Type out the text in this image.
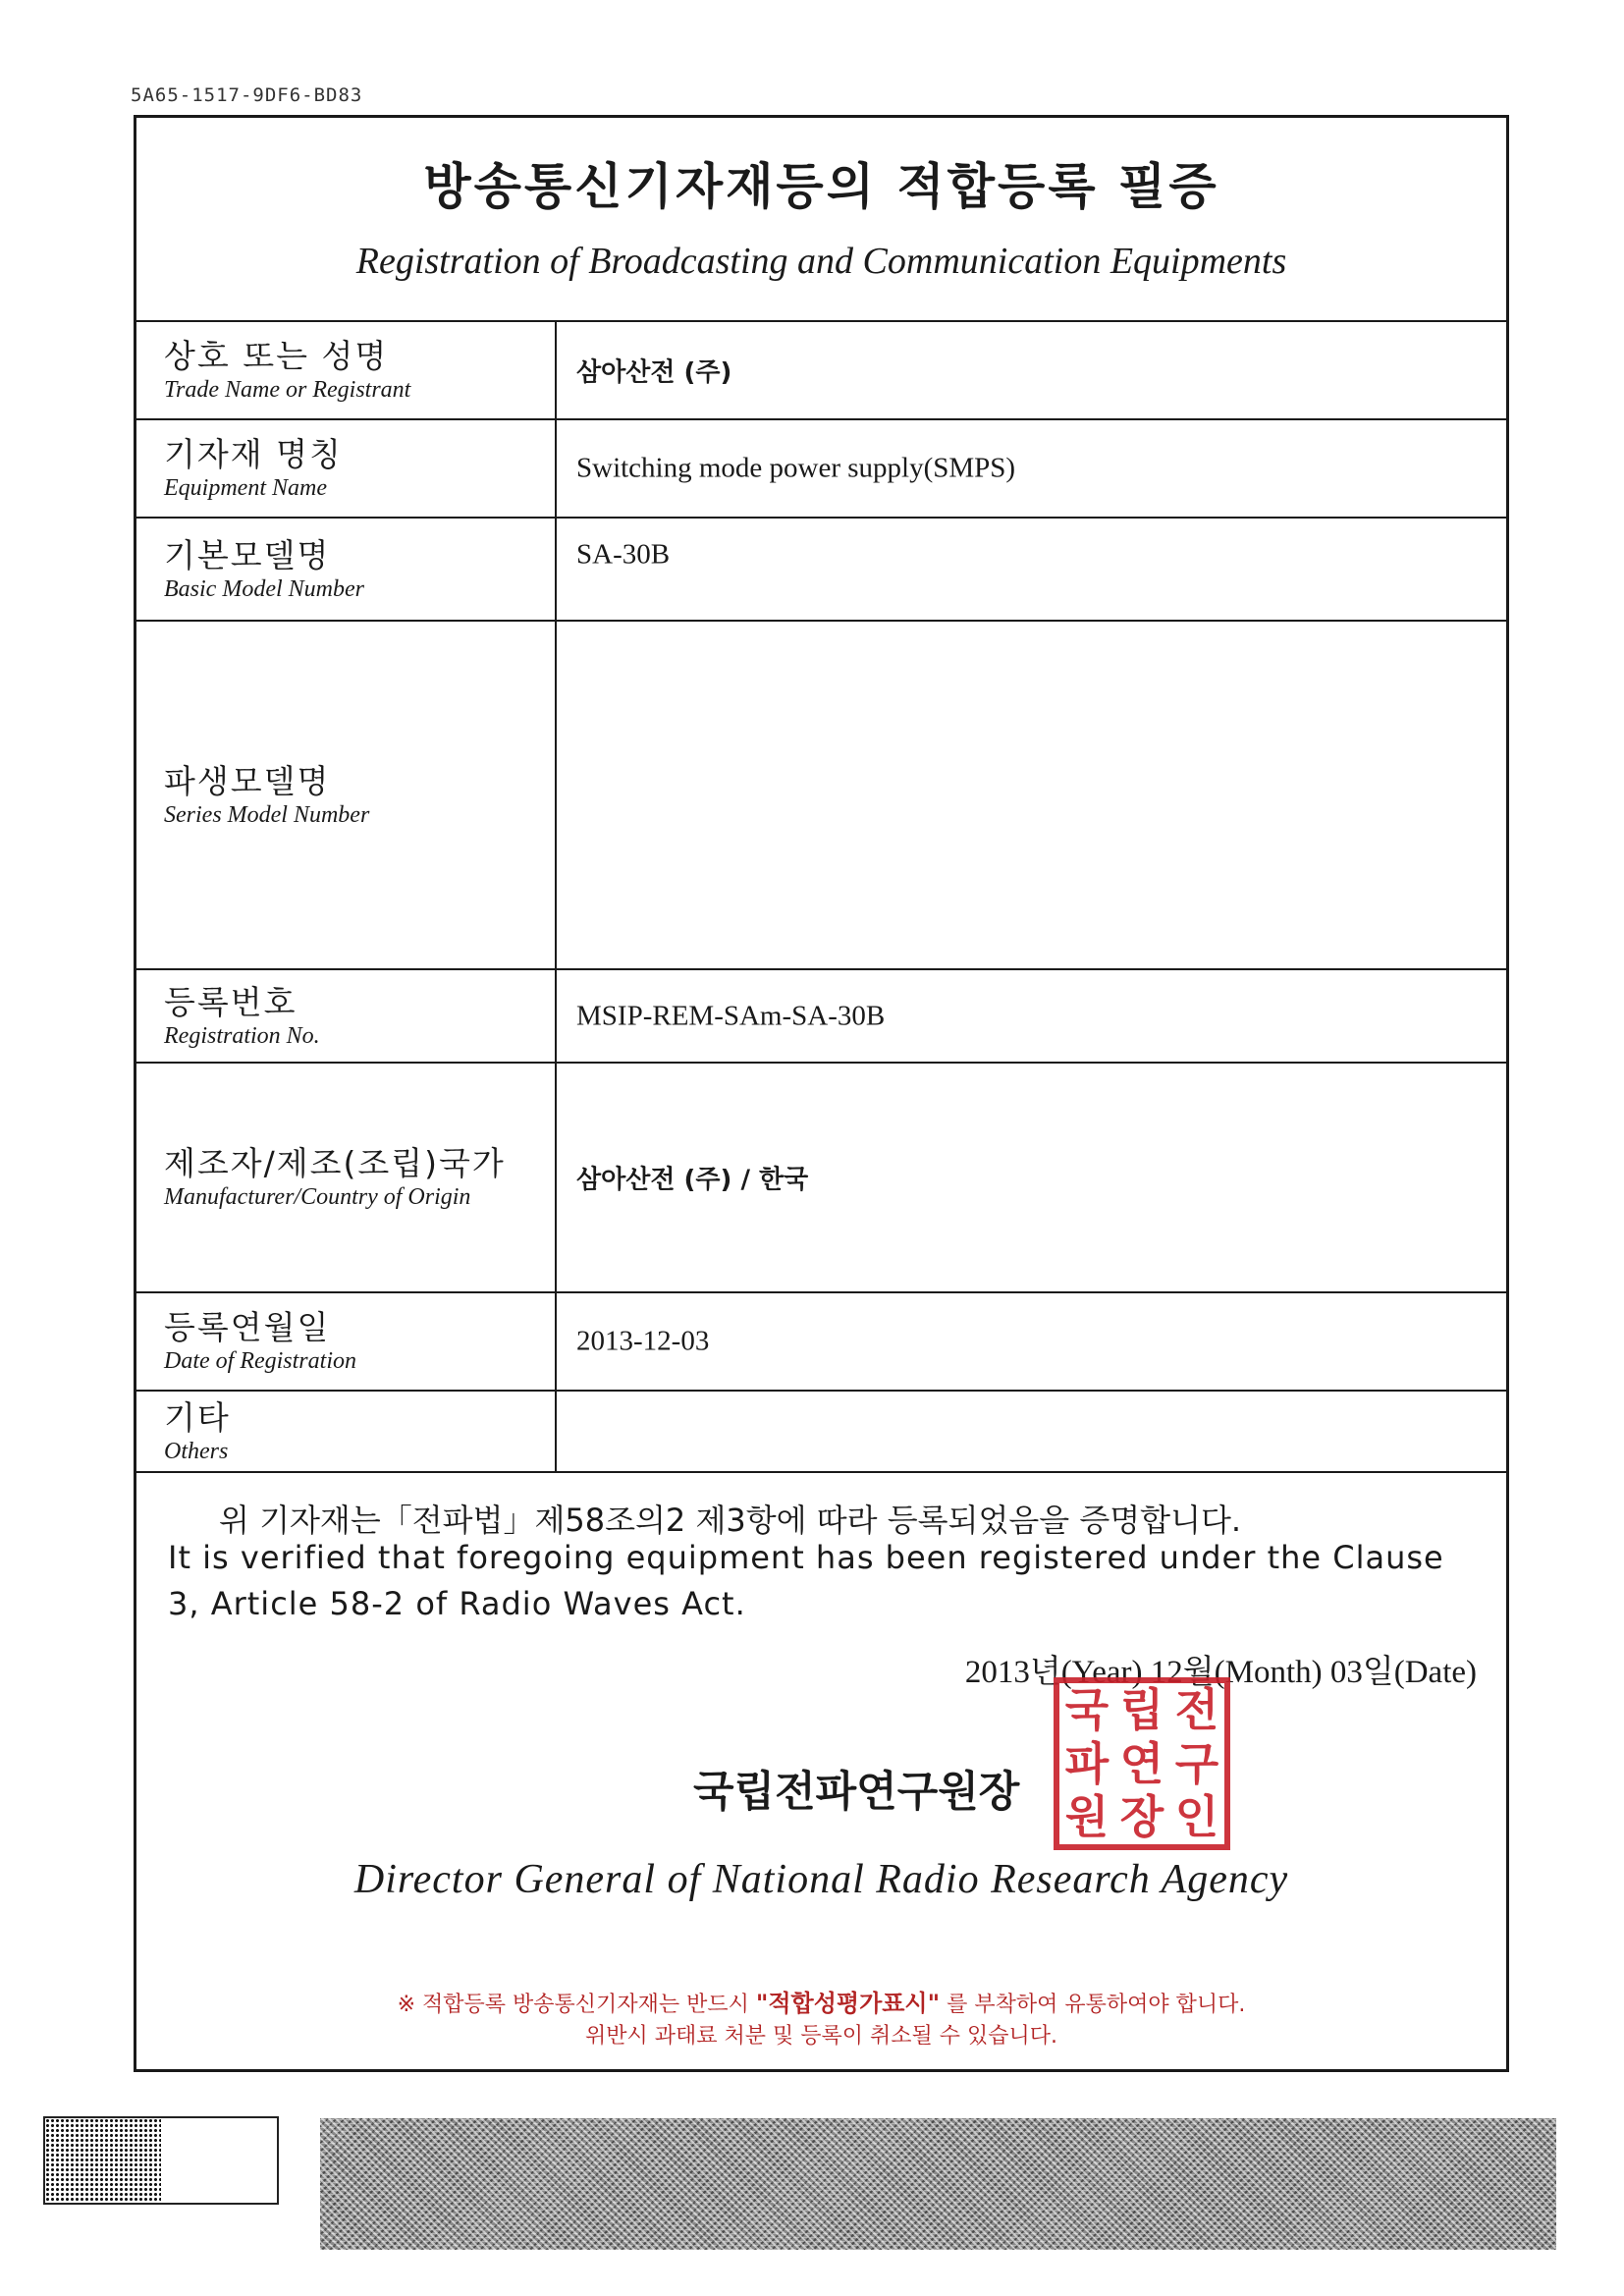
5A65-1517-9DF6-BD83
방송통신기자재등의 적합등록 필증
Registration of Broadcasting and Communication Equipments
상호 또는 성명
Trade Name or Registrant
삼아산전 (주)
기자재 명칭
Equipment Name
Switching mode power supply(SMPS)
기본모델명
Basic Model Number
SA-30B
파생모델명
Series Model Number
등록번호
Registration No.
MSIP-REM-SAm-SA-30B
제조자/제조(조립)국가
Manufacturer/Country of Origin
삼아산전 (주) / 한국
등록연월일
Date of Registration
2013-12-03
기타
Others
위 기자재는「전파법」제58조의2 제3항에 따라 등록되었음을 증명합니다.
It is verified that foregoing equipment has been registered under the Clause 3, Article 58-2 of Radio Waves Act.
2013년(Year) 12월(Month) 03일(Date)
국립전파연구원장
국 립 전
파 연 구
원 장 인
Director General of National Radio Research Agency
※ 적합등록 방송통신기자재는 반드시 "적합성평가표시" 를 부착하여 유통하여야 합니다.
위반시 과태료 처분 및 등록이 취소될 수 있습니다.
